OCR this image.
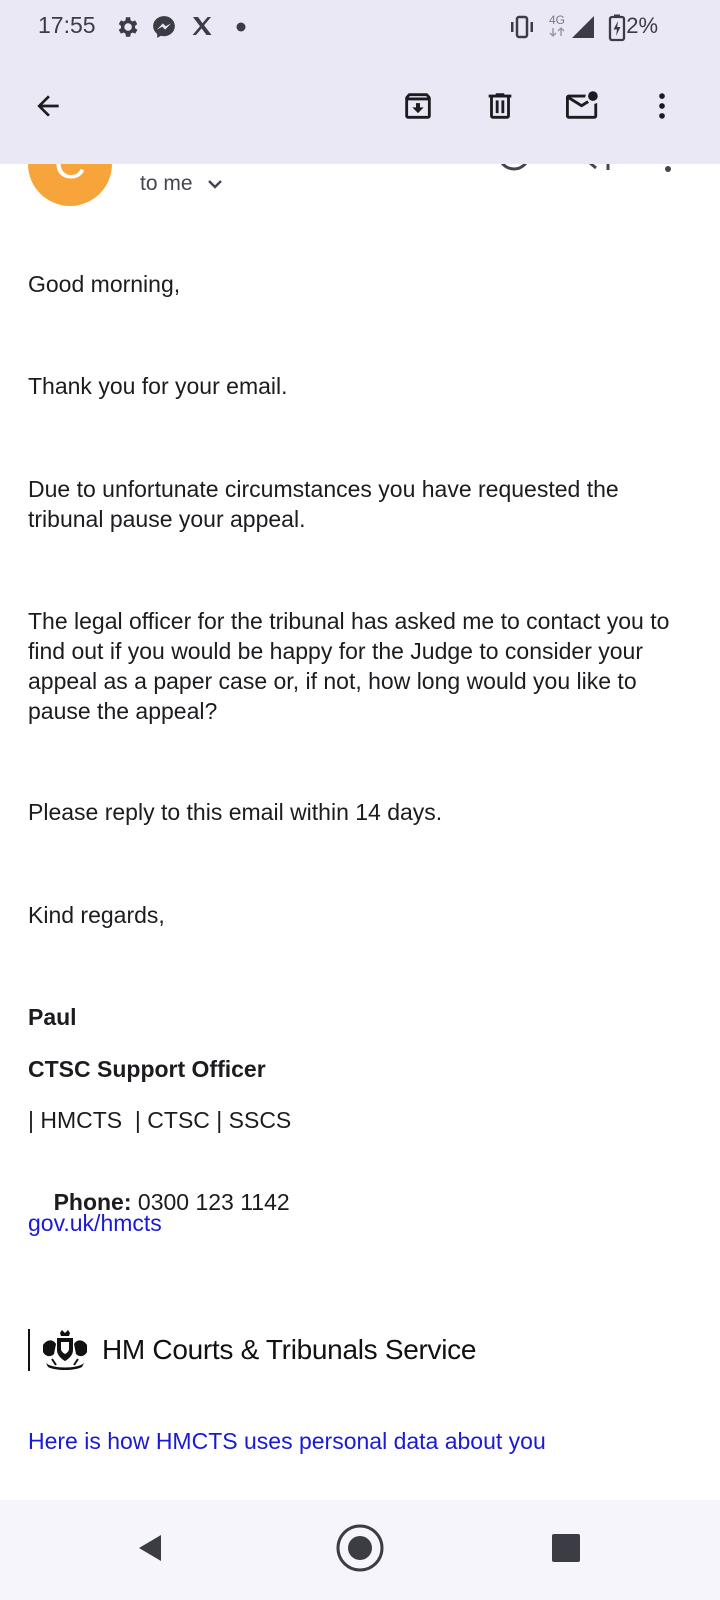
17:55	4G	2%
to me
Good morning,
Thank you for your email.
Due to unfortunate circumstances you have requested the tribunal pause your appeal.
The legal officer for the tribunal has asked me to contact you to find out if you would be happy for the Judge to consider your appeal as a paper case or, if not, how long would you like to pause the appeal?
Please reply to this email within 14 days.
Kind regards,
Paul
CTSC Support Officer
| HMCTS  | CTSC | SSCS

Phone: 0300 123 1142

gov.uk/hmcts
HM Courts & Tribunals Service
Here is how HMCTS uses personal data about you
